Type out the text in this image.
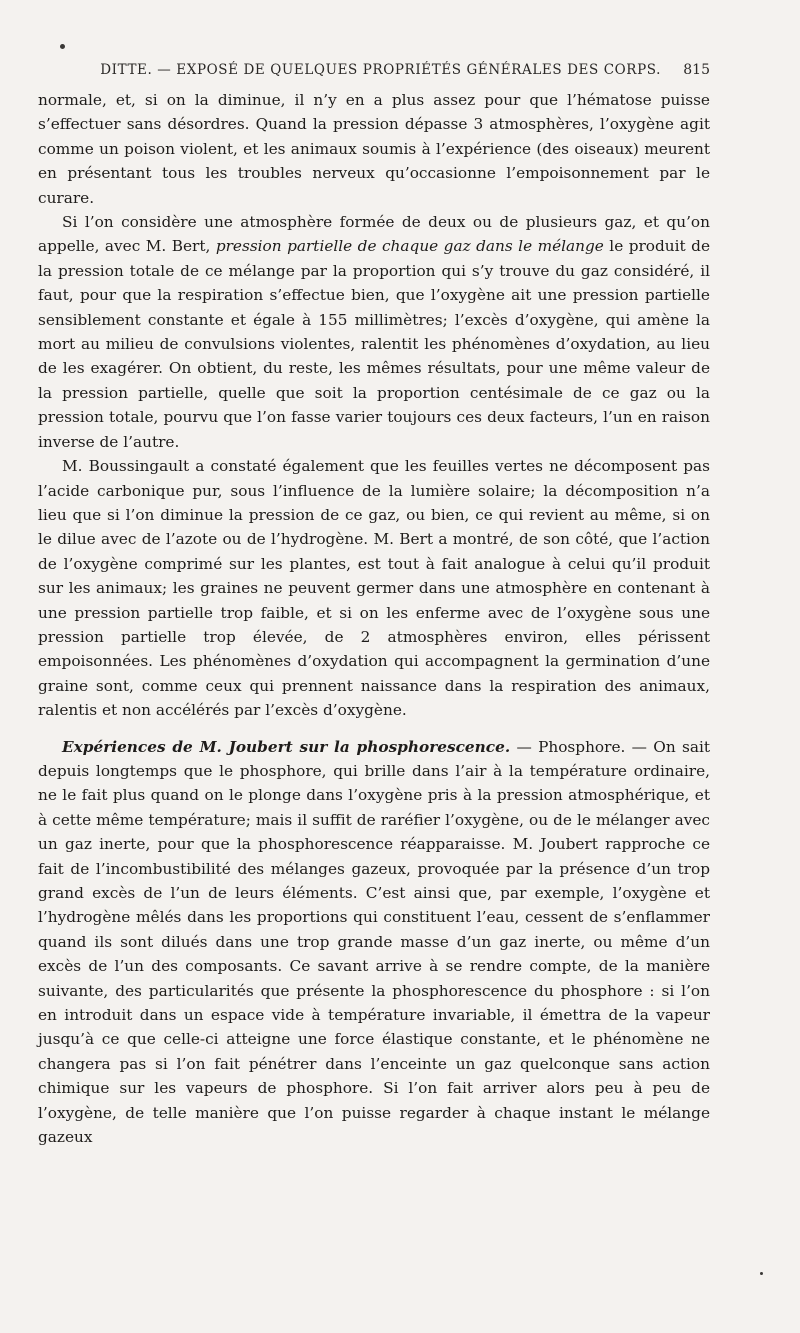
DITTE. — EXPOSÉ DE QUELQUES PROPRIÉTÉS GÉNÉRALES DES CORPS.	815

normale, et, si on la diminue, il n’y en a plus assez pour que l’hématose puisse s’effectuer sans désordres. Quand la pression dépasse 3 atmosphères, l’oxygène agit comme un poison violent, et les animaux soumis à l’expérience (des oiseaux) meurent en présentant tous les troubles nerveux qu’occasionne l’empoisonnement par le curare.

Si l’on considère une atmosphère formée de deux ou de plusieurs gaz, et qu’on appelle, avec M. Bert, pression partielle de chaque gaz dans le mélange le produit de la pression totale de ce mélange par la proportion qui s’y trouve du gaz considéré, il faut, pour que la respiration s’effectue bien, que l’oxygène ait une pression partielle sensiblement constante et égale à 155 millimètres; l’excès d’oxygène, qui amène la mort au milieu de convulsions violentes, ralentit les phénomènes d’oxydation, au lieu de les exagérer. On obtient, du reste, les mêmes résultats, pour une même valeur de la pression partielle, quelle que soit la proportion centésimale de ce gaz ou la pression totale, pourvu que l’on fasse varier toujours ces deux facteurs, l’un en raison inverse de l’autre.

M. Boussingault a constaté également que les feuilles vertes ne décomposent pas l’acide carbonique pur, sous l’influence de la lumière solaire; la décomposition n’a lieu que si l’on diminue la pression de ce gaz, ou bien, ce qui revient au même, si on le dilue avec de l’azote ou de l’hydrogène. M. Bert a montré, de son côté, que l’action de l’oxygène comprimé sur les plantes, est tout à fait analogue à celui qu’il produit sur les animaux; les graines ne peuvent germer dans une atmosphère en contenant à une pression partielle trop faible, et si on les enferme avec de l’oxygène sous une pression partielle trop élevée, de 2 atmosphères environ, elles périssent empoisonnées. Les phénomènes d’oxydation qui accompagnent la germination d’une graine sont, comme ceux qui prennent naissance dans la respiration des animaux, ralentis et non accélérés par l’excès d’oxygène.

Expériences de M. Joubert sur la phosphorescence. — Phosphore. — On sait depuis longtemps que le phosphore, qui brille dans l’air à la température ordinaire, ne le fait plus quand on le plonge dans l’oxygène pris à la pression atmosphérique, et à cette même température; mais il suffit de raréfier l’oxygène, ou de le mélanger avec un gaz inerte, pour que la phosphorescence réapparaisse. M. Joubert rapproche ce fait de l’incombustibilité des mélanges gazeux, provoquée par la présence d’un trop grand excès de l’un de leurs éléments. C’est ainsi que, par exemple, l’oxygène et l’hydrogène mêlés dans les proportions qui constituent l’eau, cessent de s’enflammer quand ils sont dilués dans une trop grande masse d’un gaz inerte, ou même d’un excès de l’un des composants. Ce savant arrive à se rendre compte, de la manière suivante, des particularités que présente la phosphorescence du phosphore : si l’on en introduit dans un espace vide à température invariable, il émettra de la vapeur jusqu’à ce que celle-ci atteigne une force élastique constante, et le phénomène ne changera pas si l’on fait pénétrer dans l’enceinte un gaz quelconque sans action chimique sur les vapeurs de phosphore. Si l’on fait arriver alors peu à peu de l’oxygène, de telle manière que l’on puisse regarder à chaque instant le mélange gazeux
